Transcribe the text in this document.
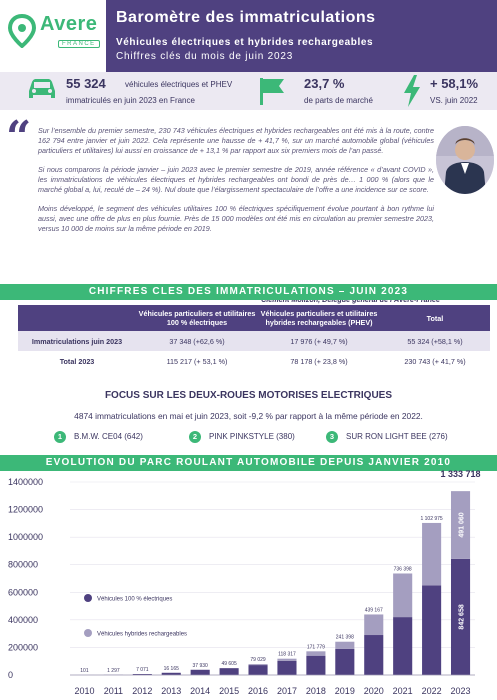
Avere
FRANCE
Baromètre des immatriculations
Véhicules électriques et hybrides rechargeables
Chiffres clés du mois de juin 2023
55 324 véhicules électriques et PHEV
immatriculés en juin 2023 en France
23,7 %
de parts de marché
+ 58,1%
VS. juin 2022
“ Sur l’ensemble du premier semestre, 230 743 véhicules électriques et hybrides rechargeables ont été mis à la route, contre 162 794 entre janvier et juin 2022. Cela représente une hausse de + 41,7 %, sur un marché automobile global (véhicules particuliers et utilitaires) lui aussi en croissance de + 13,1 % par rapport aux six premiers mois de l’an passé.

Si nous comparons la période janvier – juin 2023 avec le premier semestre de 2019, année référence « d’avant COVID », les immatriculations de véhicules électriques et hybrides rechargeables ont bondi de près de… 1 000 % (alors que le marché global a, lui, reculé de – 24 %). Nul doute que l’élargissement spectaculaire de l’offre a une incidence sur ce score.

Moins développé, le segment des véhicules utilitaires 100 % électriques spécifiquement évolue pourtant à bon rythme lui aussi, avec une offre de plus en plus fournie. Près de 15 000 modèles ont été mis en circulation au premier semestre 2023, versus 10 000 de moins sur la même période en 2019.

CHIFFRES CLES DES IMMATRICULATIONS – JUIN 2023
	Véhicules particuliers et utilitaires 100 % électriques	Véhicules particuliers et utilitaires hybrides rechargeables (PHEV)	Total
Immatriculations juin 2023	37 348 (+62,6 %)	17 976 (+ 49,7 %)	55 324 (+58,1 %)
Total 2023	115 217 (+ 53,1 %)	78 178 (+ 23,8 %)	230 743 (+ 41,7 %)
FOCUS SUR LES DEUX-ROUES MOTORISES ELECTRIQUES
4874 immatriculations en mai et juin 2023, soit -9,2 % par rapport à la même période en 2022.
1	B.M.W. CE04 (642)	2	PINK PINKSTYLE (380)	3	SUR RON LIGHT BEE (276)
EVOLUTION DU PARC ROULANT AUTOMOBILE DEPUIS JANVIER 2010
0
200000
400000
600000
800000
1000000
1200000
1400000
101	1 297	7 071	16 165
37 930	49 605
79 029
118 317
171 779
241 398
439 167
736 398
1 102 975
1 333 718
842 658
491 060
2010 2011 2012 2013 2014 2015 2016 2017 2018 2019 2020 2021 2022 2023
Véhicules 100 % électriques
Véhicules hybrides rechargeables
